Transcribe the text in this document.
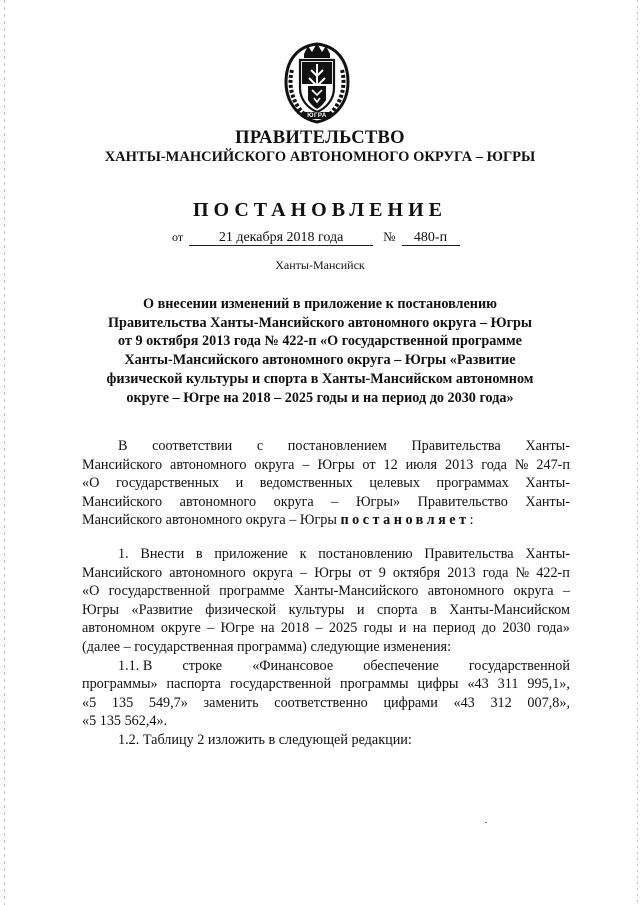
ЮГРА
ПРАВИТЕЛЬСТВО
ХАНТЫ-МАНСИЙСКОГО АВТОНОМНОГО ОКРУГА – ЮГРЫ
ПОСТАНОВЛЕНИЕ
от	21 декабря 2018 года	№ 480-п
Ханты-Мансийск
О внесении изменений в приложение к постановлению
Правительства Ханты-Мансийского автономного округа – Югры
от 9 октября 2013 года № 422-п «О государственной программе
Ханты-Мансийского автономного округа – Югры «Развитие
физической культуры и спорта в Ханты-Мансийском автономном
округе – Югре на 2018 – 2025 годы и на период до 2030 года»
В соответствии с постановлением Правительства Ханты-
Мансийского автономного округа – Югры от 12 июля 2013 года № 247-п
«О государственных и ведомственных целевых программах Ханты-
Мансийского автономного округа – Югры» Правительство Ханты-
Мансийского автономного округа – Югры постановляет :
1. Внести в приложение к постановлению Правительства Ханты-
Мансийского автономного округа – Югры от 9 октября 2013 года № 422-п
«О государственной программе Ханты-Мансийского автономного округа –
Югры «Развитие физической культуры и спорта в Ханты-Мансийском
автономном округе – Югре на 2018 – 2025 годы и на период до 2030 года»
(далее – государственная программа) следующие изменения:
1.1. В строке «Финансовое обеспечение государственной
программы» паспорта государственной программы цифры «43 311 995,1»,
«5 135 549,7» заменить соответственно цифрами «43 312 007,8»,
«5 135 562,4».
1.2. Таблицу 2 изложить в следующей редакции:
